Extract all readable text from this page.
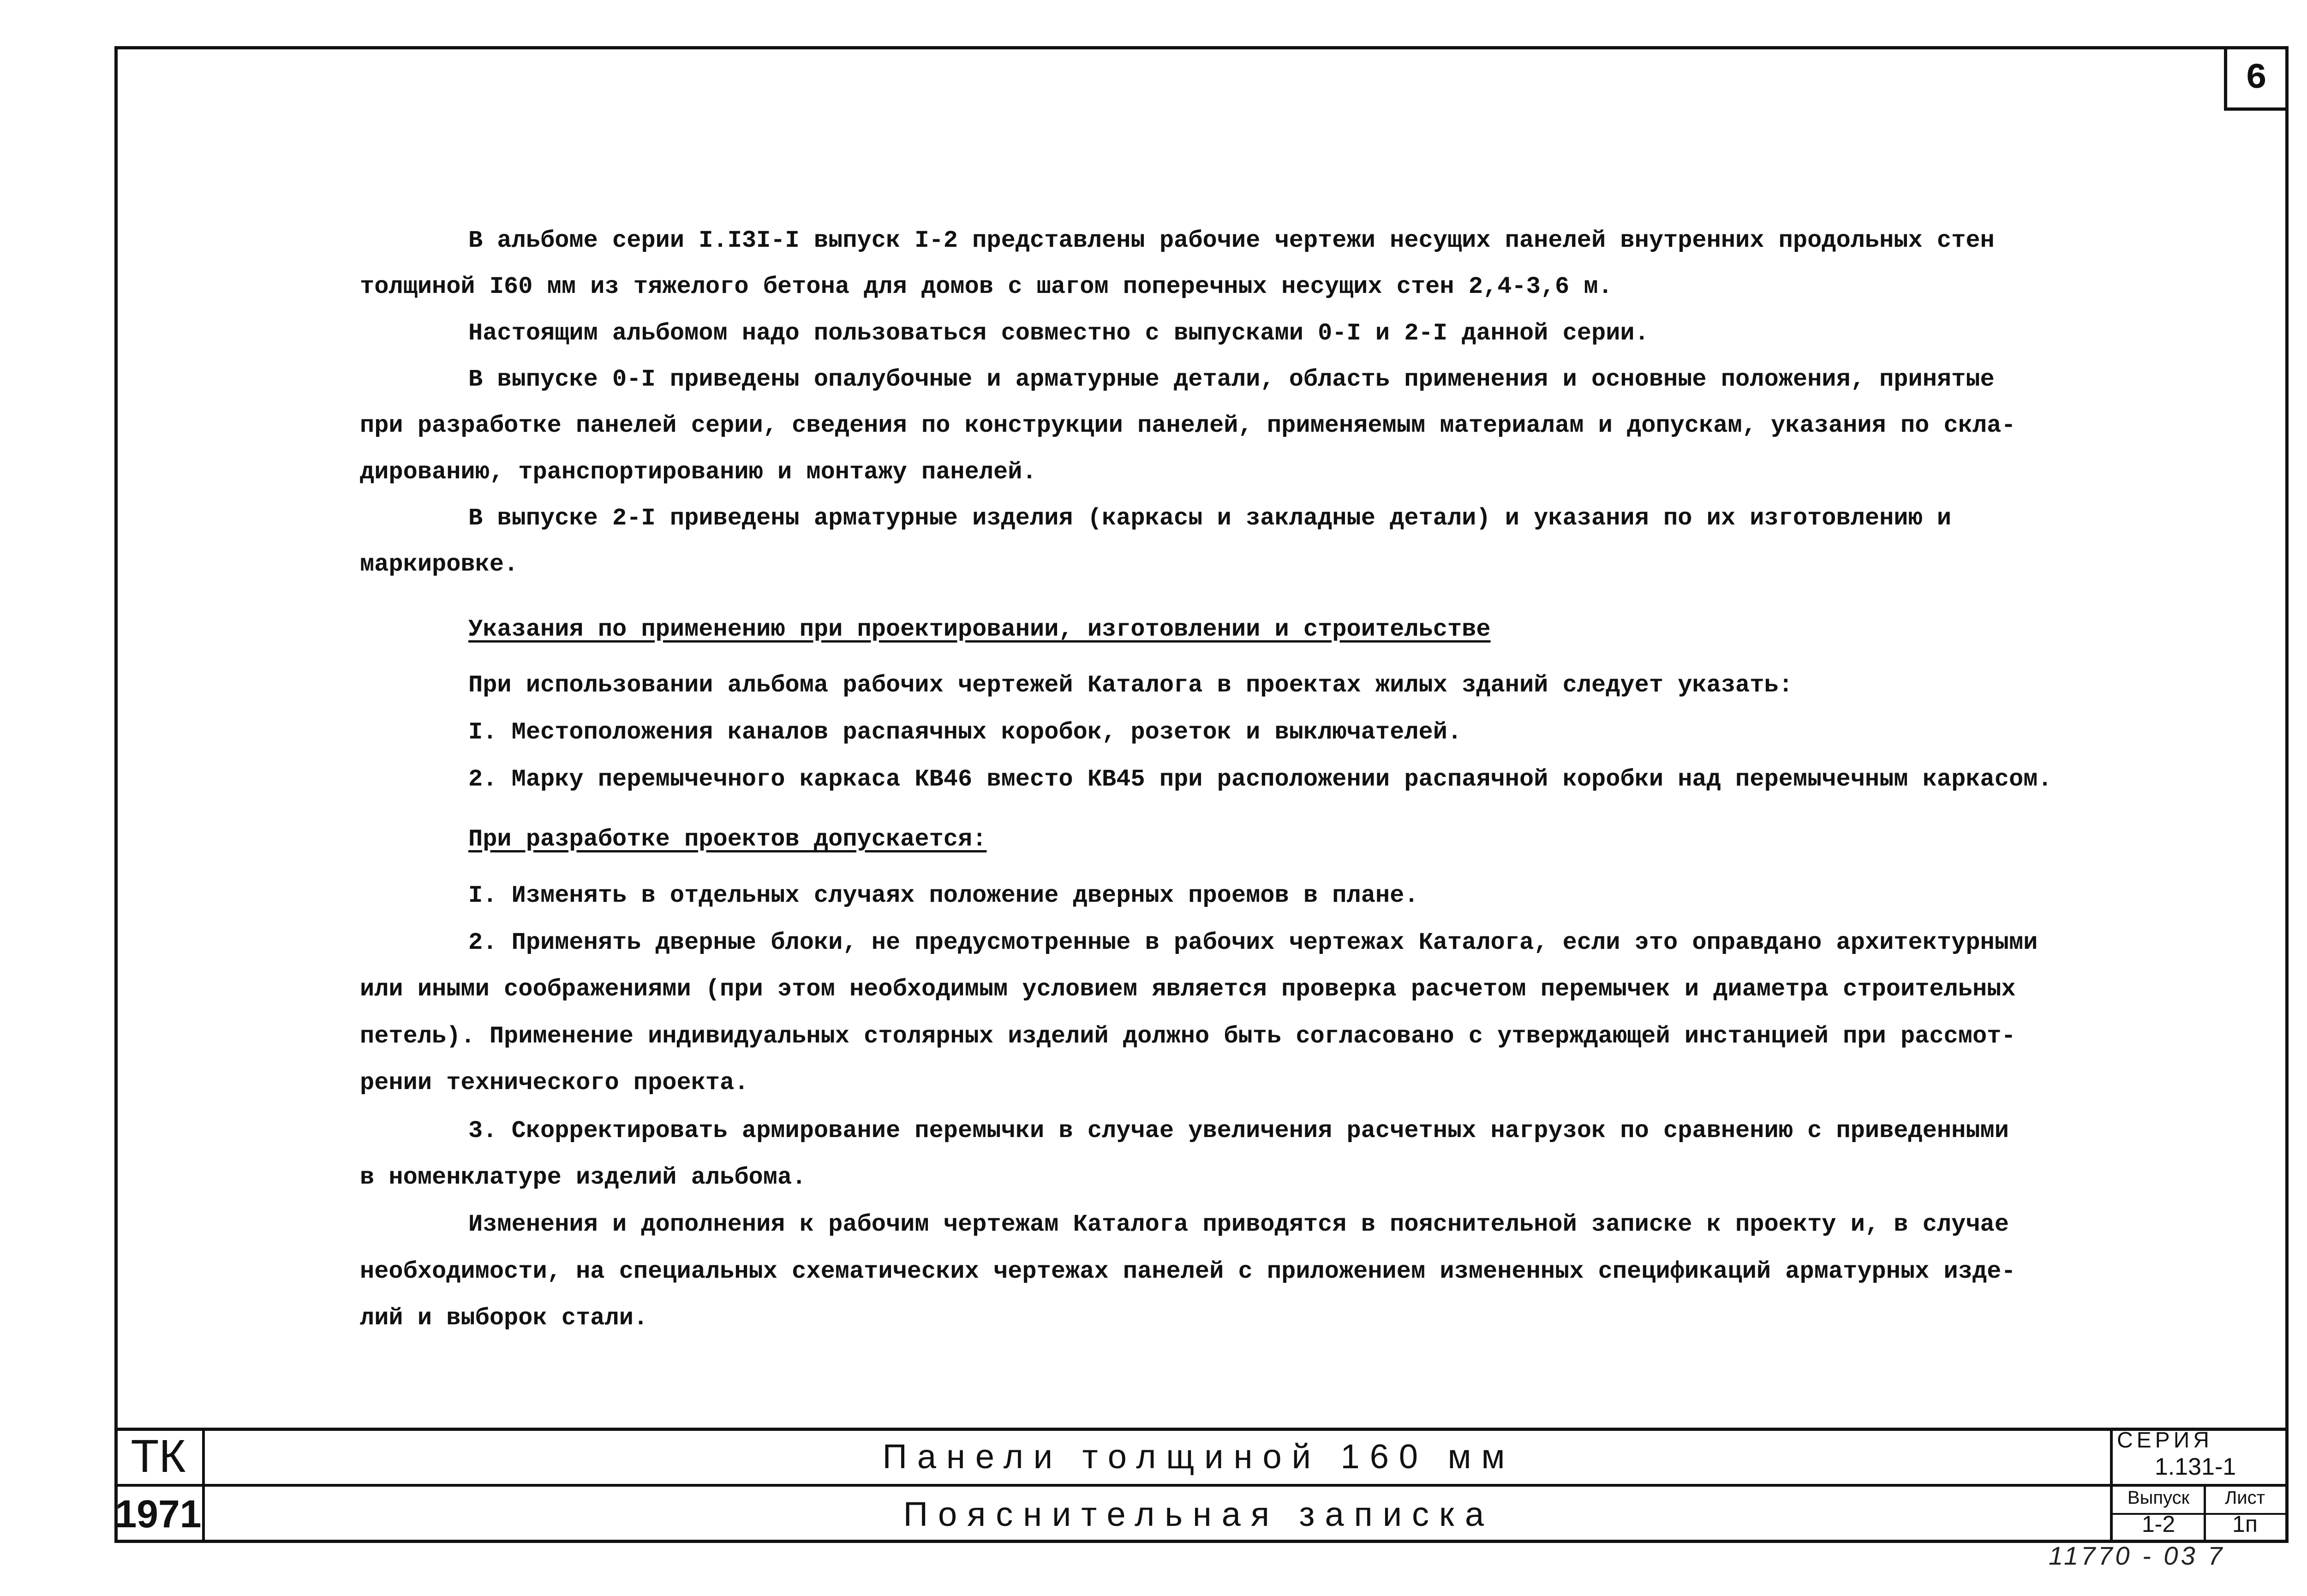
6
В альбоме серии I.I3I-I выпуск I-2 представлены рабочие чертежи несущих панелей внутренних продольных стен
толщиной I60 мм из тяжелого бетона для домов с шагом поперечных несущих стен 2,4-3,6 м.
Настоящим альбомом надо пользоваться совместно с выпусками 0-I и 2-I данной серии.
В выпуске 0-I приведены опалубочные и арматурные детали, область применения и основные положения, принятые
при разработке панелей серии, сведения по конструкции панелей, применяемым материалам и допускам, указания по скла-
дированию, транспортированию и монтажу панелей.
В выпуске 2-I приведены арматурные изделия (каркасы и закладные детали) и указания по их изготовлению и
маркировке.
Указания по применению при проектировании, изготовлении и строительстве
При использовании альбома рабочих чертежей Каталога в проектах жилых зданий следует указать:
I. Местоположения каналов распаячных коробок, розеток и выключателей.
2. Марку перемычечного каркаса КВ46 вместо КВ45 при расположении распаячной коробки над перемычечным каркасом.
При разработке проектов допускается:
I. Изменять в отдельных случаях положение дверных проемов в плане.
2. Применять дверные блоки, не предусмотренные в рабочих чертежах Каталога, если это оправдано архитектурными
или иными соображениями (при этом необходимым условием является проверка расчетом перемычек и диаметра строительных
петель). Применение индивидуальных столярных изделий должно быть согласовано с утверждающей инстанцией при рассмот-
рении технического проекта.
3. Скорректировать армирование перемычки в случае увеличения расчетных нагрузок по сравнению с приведенными
в номенклатуре изделий альбома.
Изменения и дополнения к рабочим чертежам Каталога приводятся в пояснительной записке к проекту и, в случае
необходимости, на специальных схематических чертежах панелей с приложением измененных спецификаций арматурных изде-
лий и выборок стали.
ТК
1971
Панели толщиной 160 мм
Пояснительная записка
СЕРИЯ
1.131-1
Выпуск
1-2
Лист
1п
11770 - 03 7
